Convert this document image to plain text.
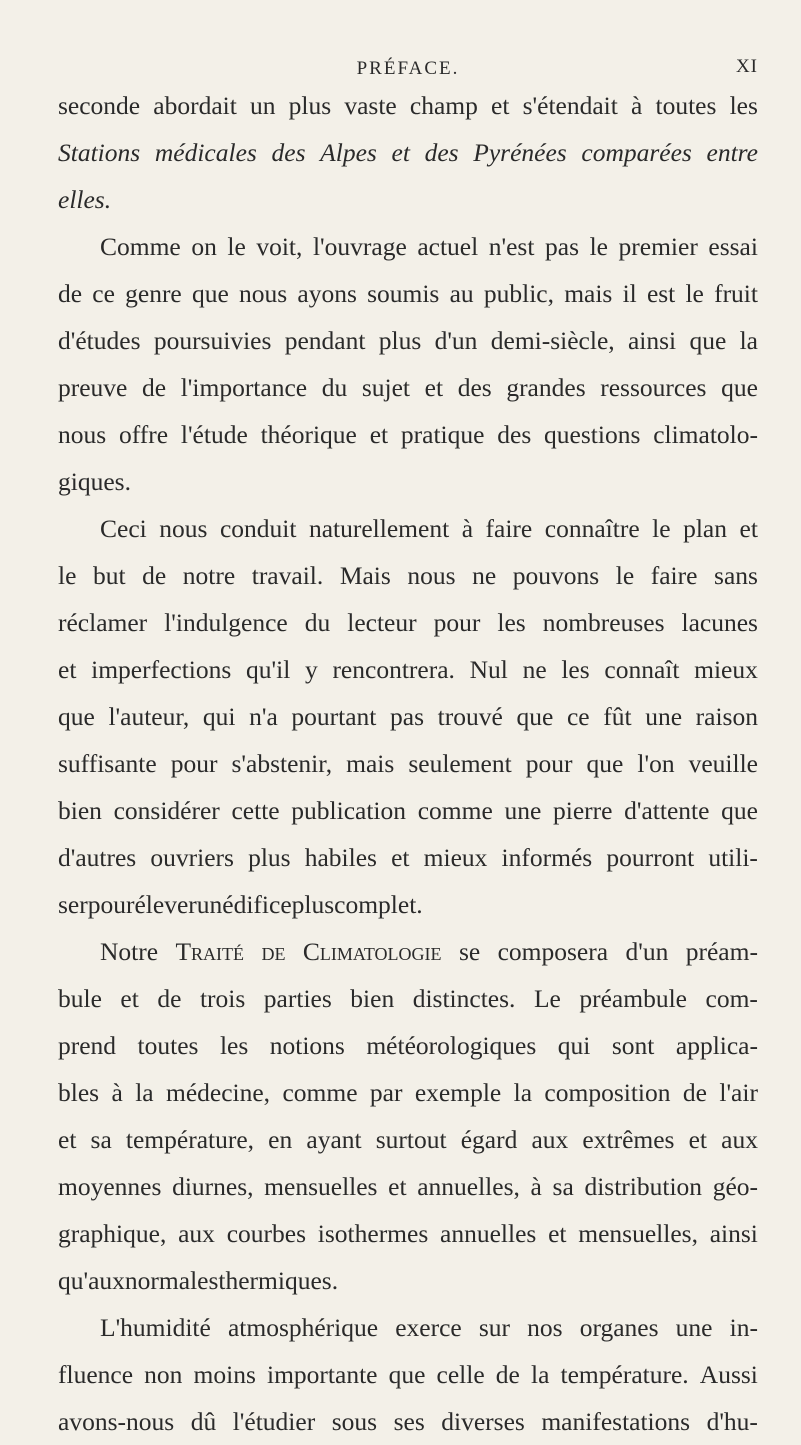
PRÉFACE.	XI
seconde abordait un plus vaste champ et s'étendait à toutes les
Stations médicales des Alpes et des Pyrénées comparées entre
elles.
Comme on le voit, l'ouvrage actuel n'est pas le premier essai
de ce genre que nous ayons soumis au public, mais il est le fruit
d'études poursuivies pendant plus d'un demi-siècle, ainsi que la
preuve de l'importance du sujet et des grandes ressources que
nous offre l'étude théorique et pratique des questions climatolo-
giques.
Ceci nous conduit naturellement à faire connaître le plan et
le but de notre travail. Mais nous ne pouvons le faire sans
réclamer l'indulgence du lecteur pour les nombreuses lacunes
et imperfections qu'il y rencontrera. Nul ne les connaît mieux
que l'auteur, qui n'a pourtant pas trouvé que ce fût une raison
suffisante pour s'abstenir, mais seulement pour que l'on veuille
bien considérer cette publication comme une pierre d'attente que
d'autres ouvriers plus habiles et mieux informés pourront utili-
ser pour élever un édifice plus complet.
Notre Traité de Climatologie se composera d'un préam-
bule et de trois parties bien distinctes. Le préambule com-
prend toutes les notions météorologiques qui sont applica-
bles à la médecine, comme par exemple la composition de l'air
et sa température, en ayant surtout égard aux extrêmes et aux
moyennes diurnes, mensuelles et annuelles, à sa distribution géo-
graphique, aux courbes isothermes annuelles et mensuelles, ainsi
qu'aux normales thermiques.
L'humidité atmosphérique exerce sur nos organes une in-
fluence non moins importante que celle de la température. Aussi
avons-nous dû l'étudier sous ses diverses manifestations d'hu-
